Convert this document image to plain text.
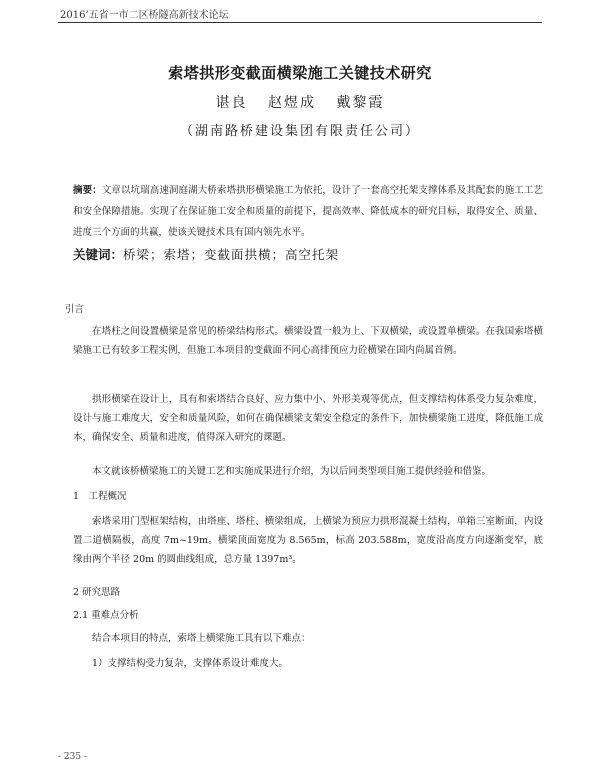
2016’五省一市二区桥隧高新技术论坛
索塔拱形变截面横梁施工关键技术研究
谌良 赵煜成 戴黎霞
（湖南路桥建设集团有限责任公司）
摘要：文章以坑瑞高速洞庭湖大桥索塔拱形横梁施工为依托，设计了一套高空托架支撑体系及其配套的施工工艺和安全保障措施。实现了在保证施工安全和质量的前提下，提高效率、降低成本的研究目标，取得安全、质量、进度三个方面的共赢，使该关键技术具有国内领先水平。
关键词：桥梁；索塔；变截面拱横；高空托架
引言
在塔柱之间设置横梁是常见的桥梁结构形式。横梁设置一般为上、下双横梁，或设置单横梁。在我国索塔横梁施工已有较多工程实例，但施工本项目的变截面不同心高排预应力砼横梁在国内尚属首例。
拱形横梁在设计上，具有和索塔结合良好、应力集中小、外形美观等优点，但支撑结构体系受力复杂难度，设计与施工难度大，安全和质量风险，如何在确保横梁支架安全稳定的条件下，加快横梁施工进度，降低施工成本，确保安全、质量和进度，值得深入研究的课题。
本文就该桥横梁施工的关键工艺和实施成果进行介绍，为以后同类型项目施工提供经验和借鉴。
1　工程概况
索塔采用门型框架结构，由塔座、塔柱、横梁组成，上横梁为预应力拱形混凝土结构，单箱三室断面，内设置二道横隔板，高度 7m~19m。横梁顶面宽度为 8.565m，标高 203.588m，宽度沿高度方向逐渐变窄，底缘由两个半径 20m 的圆曲线组成，总方量 1397m³。
2 研究思路
2.1 重难点分析
结合本项目的特点，索塔上横梁施工具有以下难点：
1）支撑结构受力复杂，支撑体系设计难度大。
- 235 -
